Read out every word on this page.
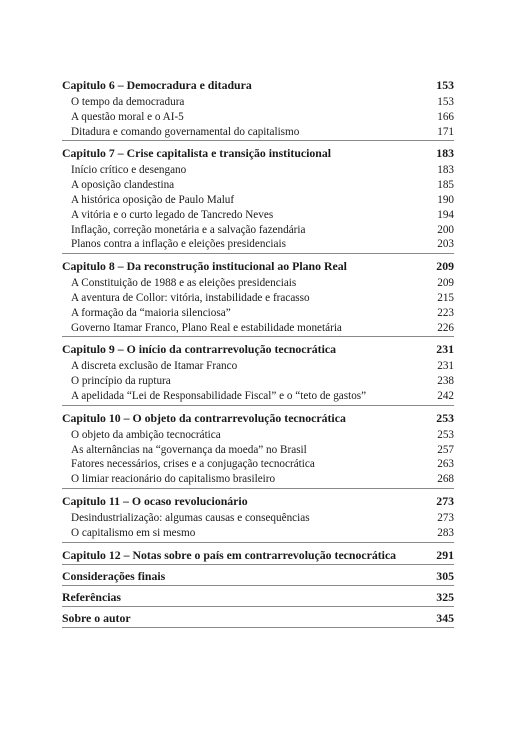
Capitulo 6 – Democradura e ditadura	153
O tempo da democradura	153
A questão moral e o AI-5	166
Ditadura e comando governamental do capitalismo	171
Capitulo 7 – Crise capitalista e transição institucional	183
Início crítico e desengano	183
A oposição clandestina	185
A histórica oposição de Paulo Maluf	190
A vitória e o curto legado de Tancredo Neves	194
Inflação, correção monetária e a salvação fazendária	200
Planos contra a inflação e eleições presidenciais	203
Capitulo 8 – Da reconstrução institucional ao Plano Real	209
A Constituição de 1988 e as eleições presidenciais	209
A aventura de Collor: vitória, instabilidade e fracasso	215
A formação da “maioria silenciosa”	223
Governo Itamar Franco, Plano Real e estabilidade monetária	226
Capitulo 9 – O início da contrarrevolução tecnocrática	231
A discreta exclusão de Itamar Franco	231
O princípio da ruptura	238
A apelidada “Lei de Responsabilidade Fiscal” e o “teto de gastos”	242
Capitulo 10 – O objeto da contrarrevolução tecnocrática	253
O objeto da ambição tecnocrática	253
As alternâncias na “governança da moeda” no Brasil	257
Fatores necessários, crises e a conjugação tecnocrática	263
O limiar reacionário do capitalismo brasileiro	268
Capitulo 11 – O ocaso revolucionário	273
Desindustrialização: algumas causas e consequências	273
O capitalismo em si mesmo	283
Capitulo 12 – Notas sobre o país em contrarrevolução tecnocrática	291
Considerações finais	305
Referências	325
Sobre o autor	345
